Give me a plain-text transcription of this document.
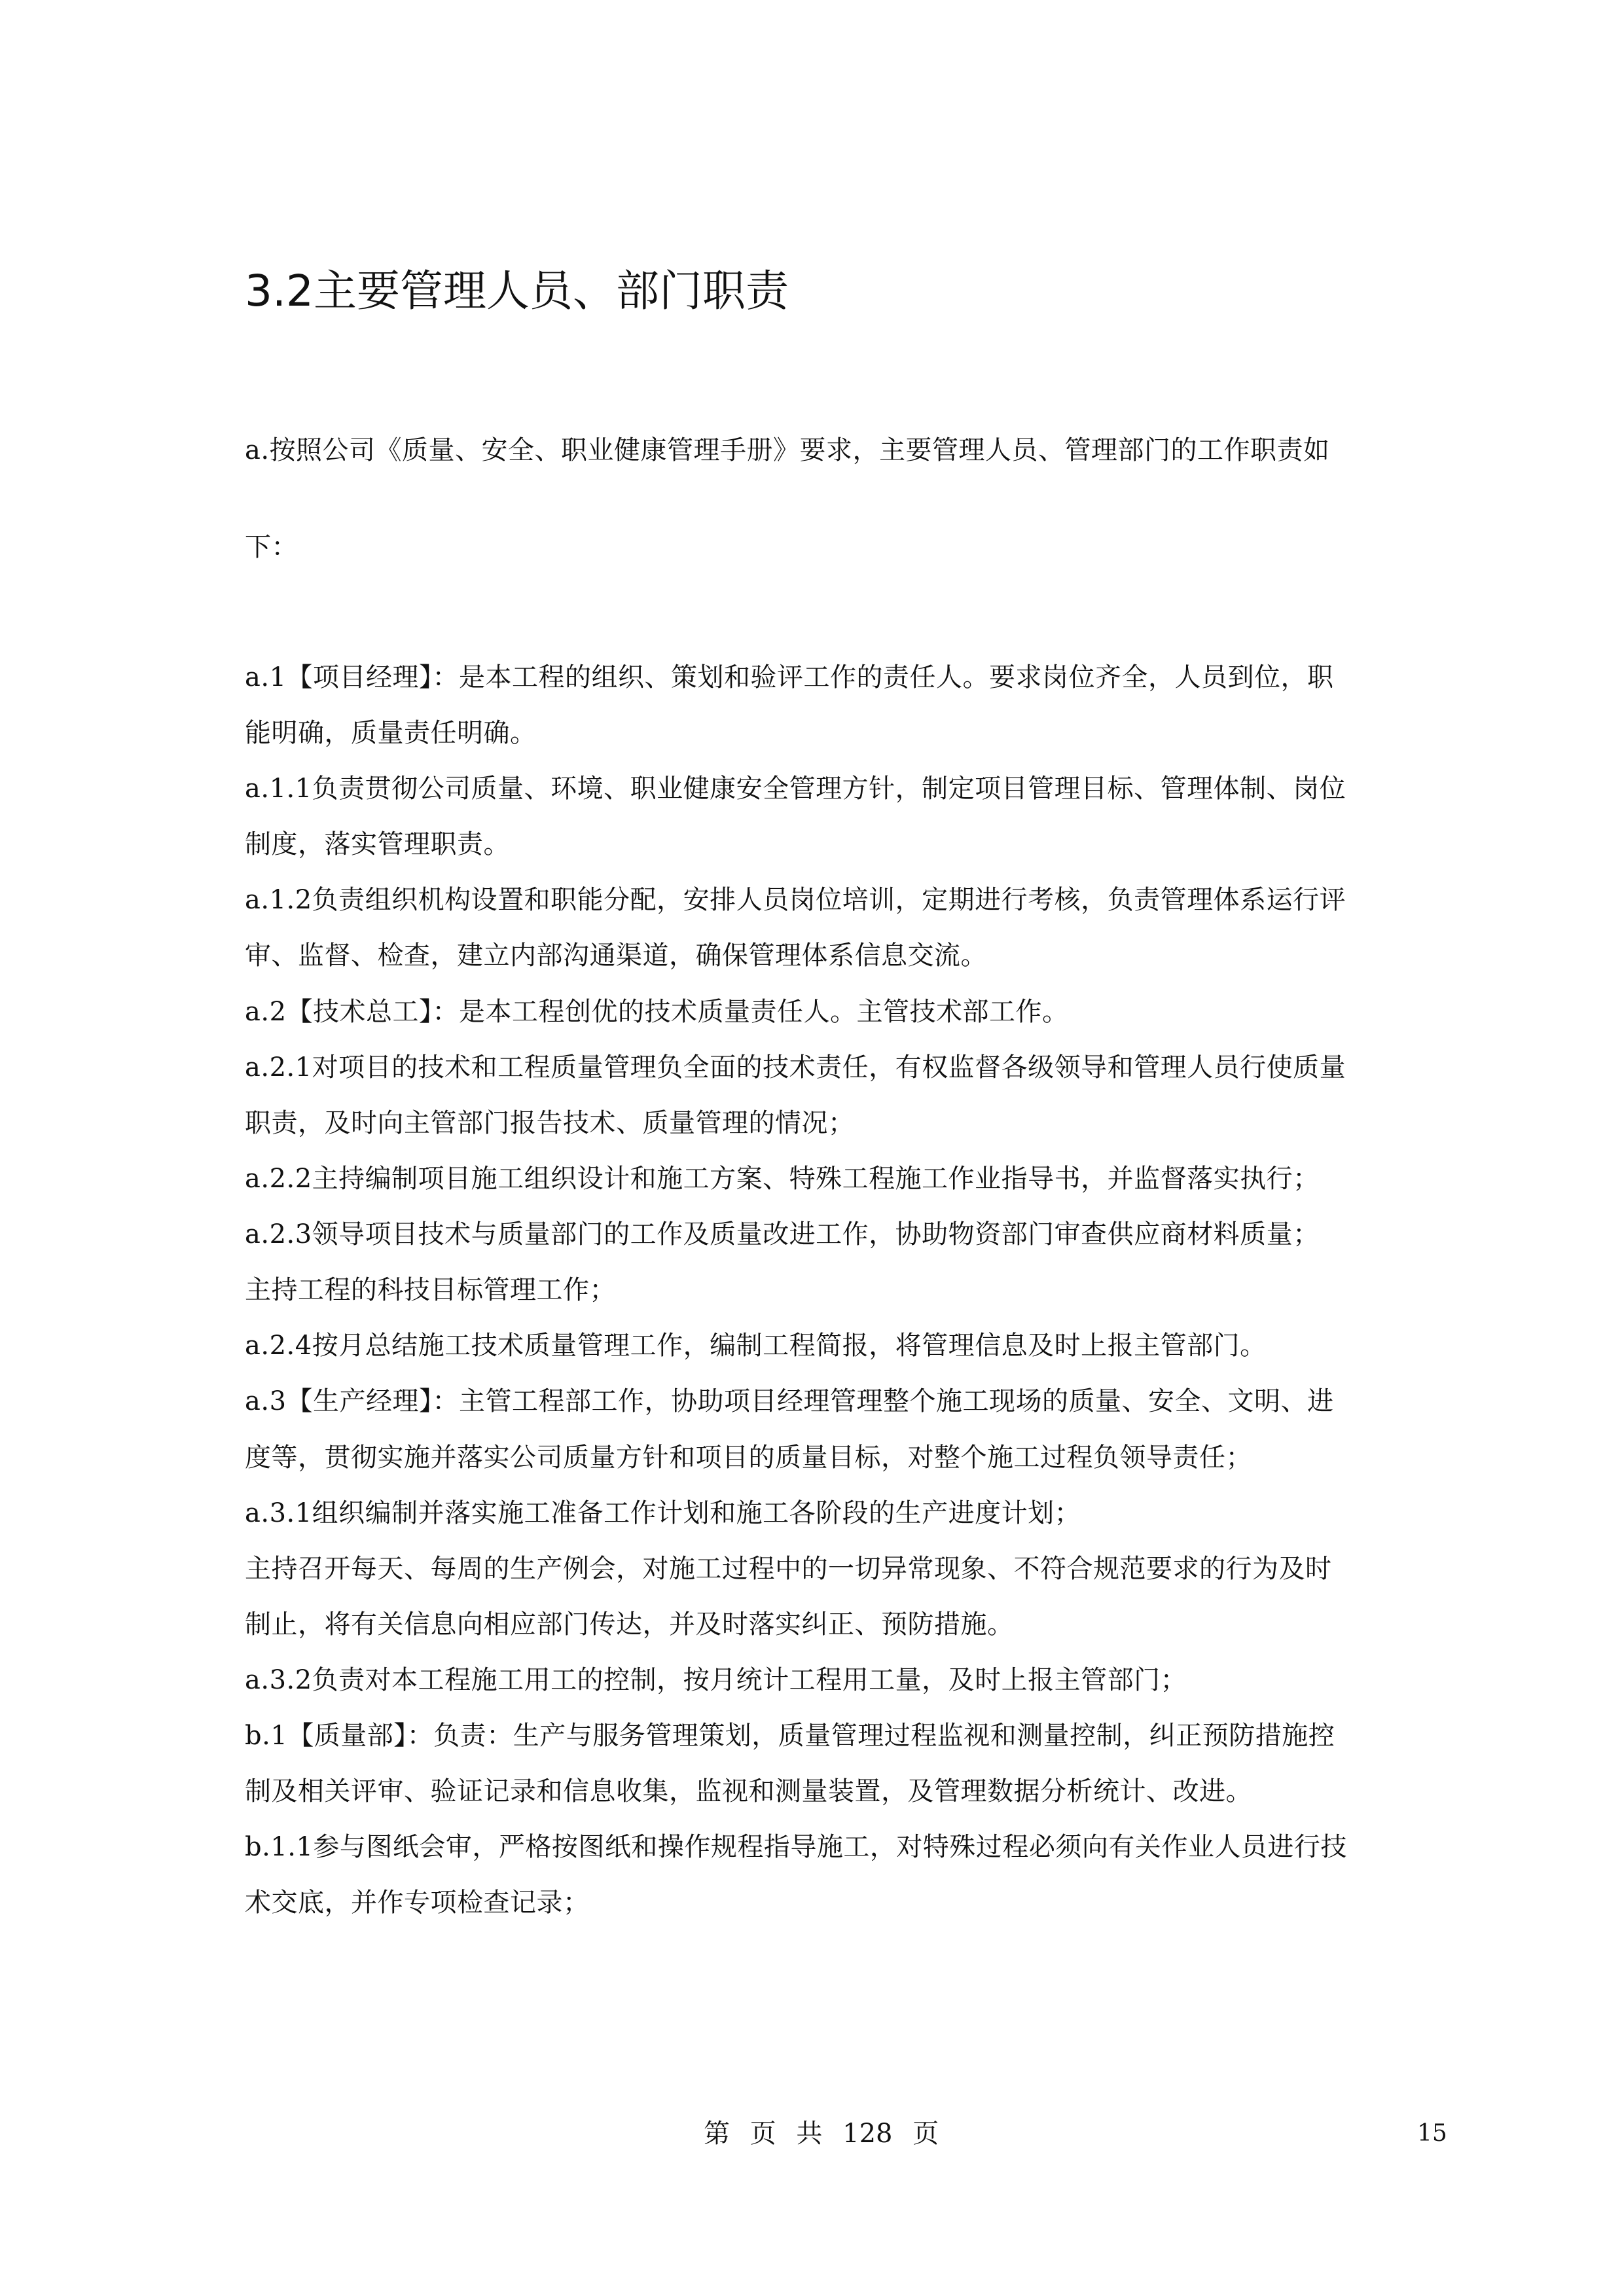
3.2主要管理人员、部门职责

a.按照公司《质量、安全、职业健康管理手册》要求，主要管理人员、管理部门的工作职责如

下：

a.1【项目经理】：是本工程的组织、策划和验评工作的责任人。要求岗位齐全，人员到位，职

能明确，质量责任明确。

a.1.1负责贯彻公司质量、环境、职业健康安全管理方针，制定项目管理目标、管理体制、岗位

制度，落实管理职责。

a.1.2负责组织机构设置和职能分配，安排人员岗位培训，定期进行考核，负责管理体系运行评

审、监督、检查，建立内部沟通渠道，确保管理体系信息交流。

a.2【技术总工】：是本工程创优的技术质量责任人。主管技术部工作。

a.2.1对项目的技术和工程质量管理负全面的技术责任，有权监督各级领导和管理人员行使质量

职责，及时向主管部门报告技术、质量管理的情况；

a.2.2主持编制项目施工组织设计和施工方案、特殊工程施工作业指导书，并监督落实执行；

a.2.3领导项目技术与质量部门的工作及质量改进工作，协助物资部门审查供应商材料质量；

主持工程的科技目标管理工作；

a.2.4按月总结施工技术质量管理工作，编制工程简报，将管理信息及时上报主管部门。

a.3【生产经理】：主管工程部工作，协助项目经理管理整个施工现场的质量、安全、文明、进

度等，贯彻实施并落实公司质量方针和项目的质量目标，对整个施工过程负领导责任；

a.3.1组织编制并落实施工准备工作计划和施工各阶段的生产进度计划；

主持召开每天、每周的生产例会，对施工过程中的一切异常现象、不符合规范要求的行为及时

制止，将有关信息向相应部门传达，并及时落实纠正、预防措施。

a.3.2负责对本工程施工用工的控制，按月统计工程用工量，及时上报主管部门；

b.1【质量部】：负责：生产与服务管理策划，质量管理过程监视和测量控制，纠正预防措施控

制及相关评审、验证记录和信息收集，监视和测量装置，及管理数据分析统计、改进。

b.1.1参与图纸会审，严格按图纸和操作规程指导施工，对特殊过程必须向有关作业人员进行技

术交底，并作专项检查记录；

第 页 共 128 页	15
